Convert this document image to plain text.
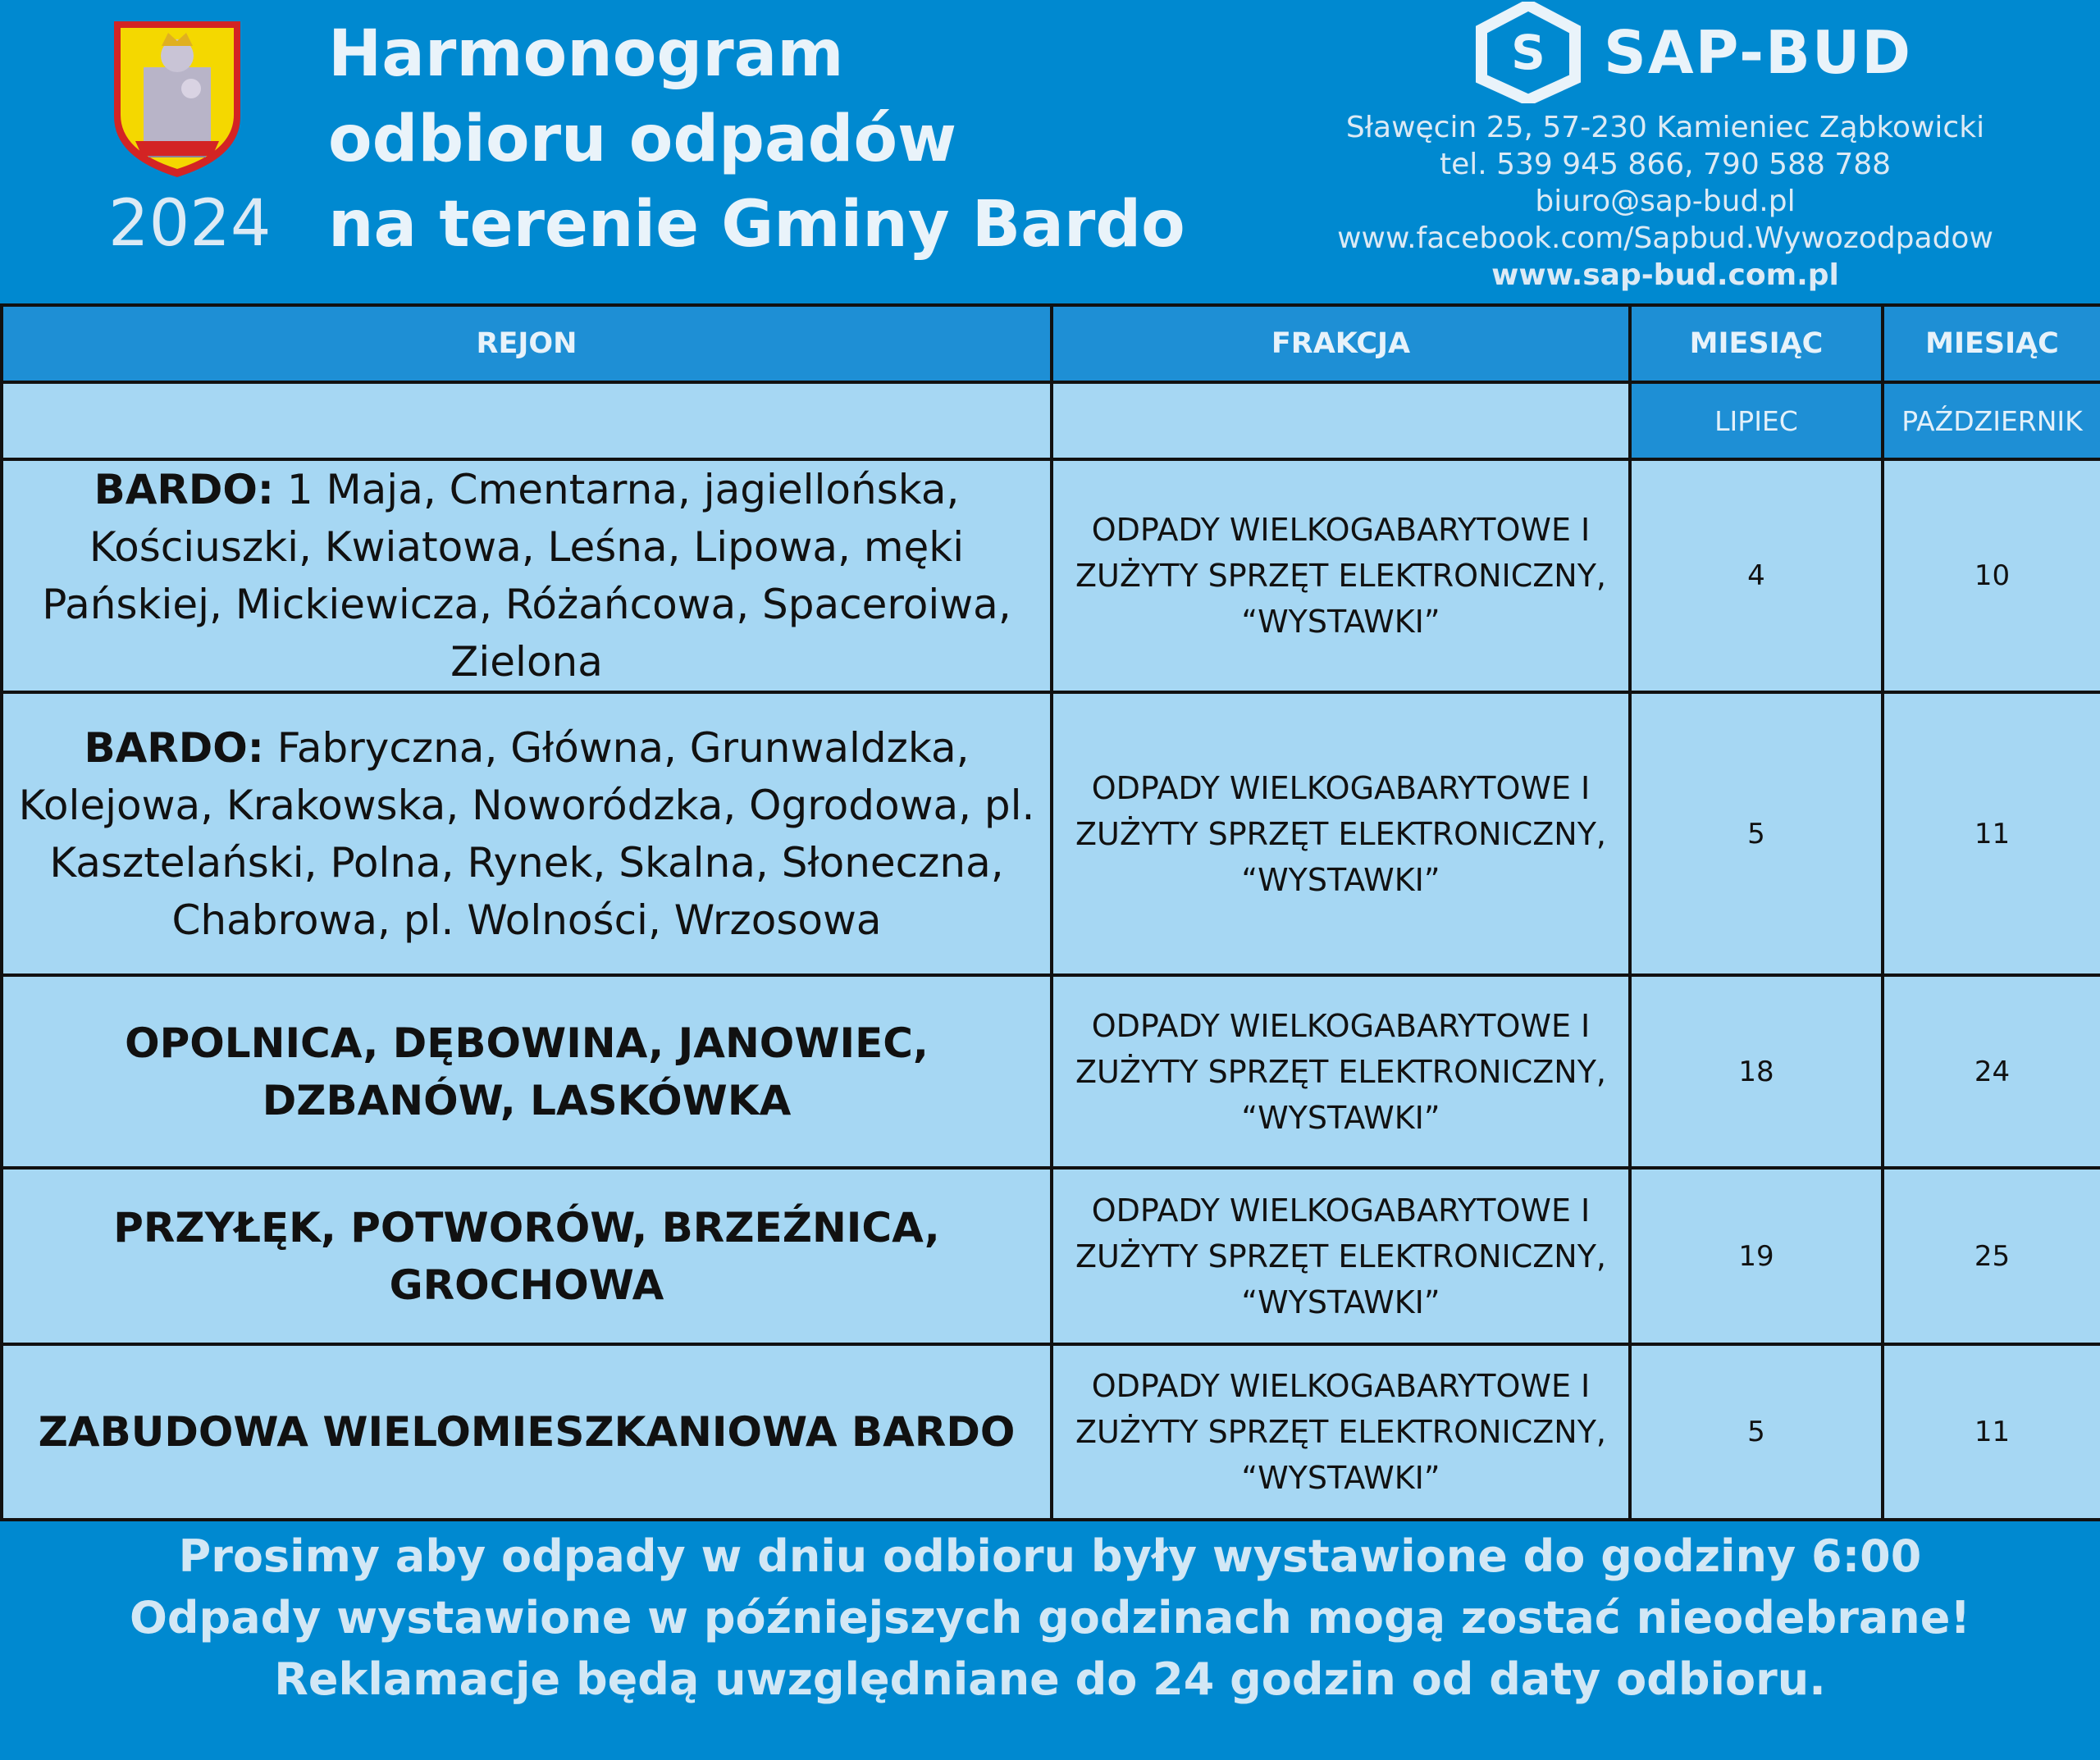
2024
Harmonogram
odbioru odpadów
na terenie Gminy Bardo
S SAP-BUD
Sławęcin 25, 57-230 Kamieniec Ząbkowicki
tel. 539 945 866, 790 588 788
biuro@sap-bud.pl
www.facebook.com/Sapbud.Wywozodpadow
www.sap-bud.com.pl
REJON	FRAKCJA	MIESIĄC	MIESIĄC
		LIPIEC	PAŹDZIERNIK
BARDO: 1 Maja, Cmentarna, jagiellońska, Kościuszki, Kwiatowa, Leśna, Lipowa, męki Pańskiej, Mickiewicza, Różańcowa, Spaceroiwa, Zielona	ODPADY WIELKOGABARYTOWE I
ZUŻYTY SPRZĘT ELEKTRONICZNY,
“WYSTAWKI”	4	10
BARDO: Fabryczna, Główna, Grunwaldzka, Kolejowa, Krakowska, Noworódzka, Ogrodowa, pl. Kasztelański, Polna, Rynek, Skalna, Słoneczna, Chabrowa, pl. Wolności, Wrzosowa	ODPADY WIELKOGABARYTOWE I
ZUŻYTY SPRZĘT ELEKTRONICZNY,
“WYSTAWKI”	5	11
OPOLNICA, DĘBOWINA, JANOWIEC, DZBANÓW, LASKÓWKA	ODPADY WIELKOGABARYTOWE I
ZUŻYTY SPRZĘT ELEKTRONICZNY,
“WYSTAWKI”	18	24
PRZYŁĘK, POTWORÓW, BRZEŹNICA, GROCHOWA	ODPADY WIELKOGABARYTOWE I
ZUŻYTY SPRZĘT ELEKTRONICZNY,
“WYSTAWKI”	19	25
ZABUDOWA WIELOMIESZKANIOWA BARDO	ODPADY WIELKOGABARYTOWE I
ZUŻYTY SPRZĘT ELEKTRONICZNY,
“WYSTAWKI”	5	11
Prosimy aby odpady w dniu odbioru były wystawione do godziny 6:00
Odpady wystawione w późniejszych godzinach mogą zostać nieodebrane!
Reklamacje będą uwzględniane do 24 godzin od daty odbioru.
